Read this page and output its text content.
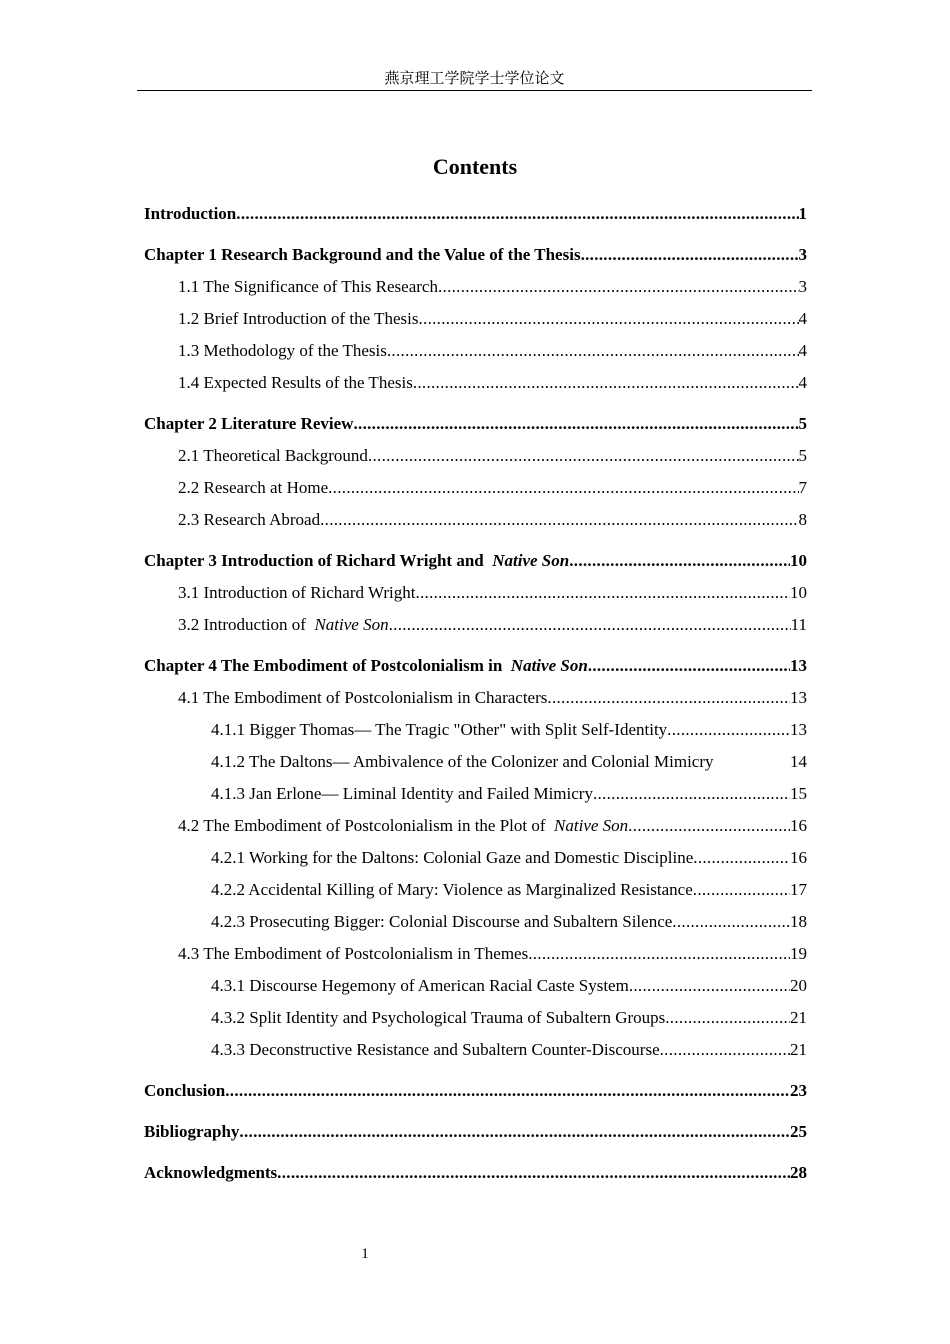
燕京理工学院学士学位论文
Contents
Introduction .....	1
Chapter 1 Research Background and the Value of the Thesis .....	3
1.1 The Significance of This Research .....	3
1.2 Brief Introduction of the Thesis .....	4
1.3 Methodology of the Thesis .....	4
1.4 Expected Results of the Thesis .....	4
Chapter 2 Literature Review .....	5
2.1 Theoretical Background .....	5
2.2 Research at Home .....	7
2.3 Research Abroad .....	8
Chapter 3 Introduction of Richard Wright and Native Son .....	10
3.1 Introduction of Richard Wright .....	10
3.2 Introduction of Native Son .....	11
Chapter 4 The Embodiment of Postcolonialism in Native Son .....	13
4.1 The Embodiment of Postcolonialism in Characters .....	13
4.1.1 Bigger Thomas— The Tragic "Other" with Split Self-Identity .....	13
4.1.2 The Daltons— Ambivalence of the Colonizer and Colonial Mimicry	14
4.1.3 Jan Erlone— Liminal Identity and Failed Mimicry .....	15
4.2 The Embodiment of Postcolonialism in the Plot of Native Son .....	16
4.2.1 Working for the Daltons: Colonial Gaze and Domestic Discipline .....	16
4.2.2 Accidental Killing of Mary: Violence as Marginalized Resistance .....	17
4.2.3 Prosecuting Bigger: Colonial Discourse and Subaltern Silence .....	18
4.3 The Embodiment of Postcolonialism in Themes .....	19
4.3.1 Discourse Hegemony of American Racial Caste System .....	20
4.3.2 Split Identity and Psychological Trauma of Subaltern Groups .....	21
4.3.3 Deconstructive Resistance and Subaltern Counter-Discourse .....	21
Conclusion .....	23
Bibliography .....	25
Acknowledgments .....	28
1
